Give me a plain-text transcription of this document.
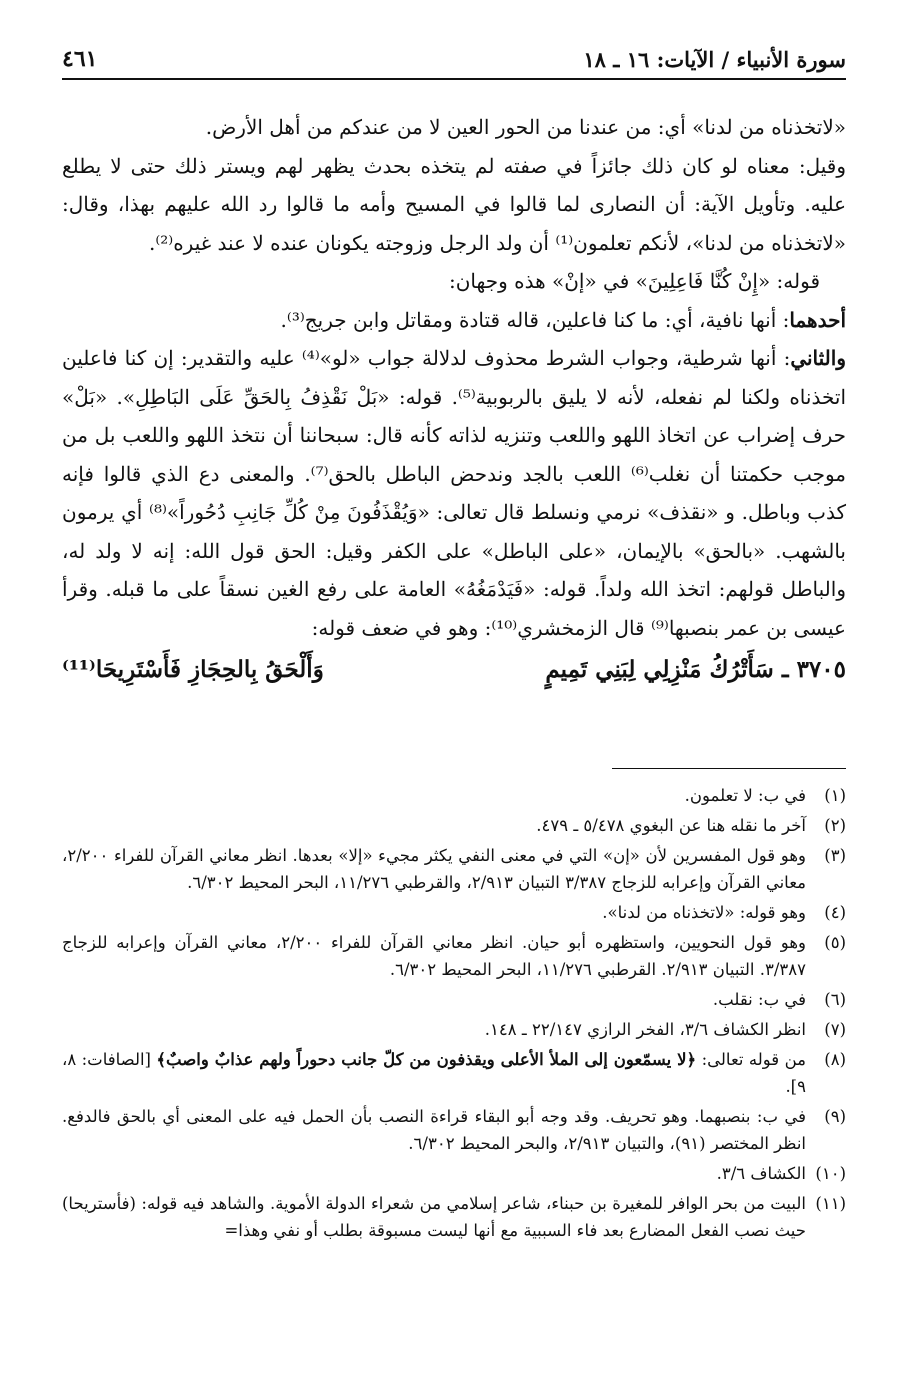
سورة الأنبياء / الآيات: ١٦ ـ ١٨
٤٦١

«لاتخذناه من لدنا» أي: من عندنا من الحور العين لا من عندكم من أهل الأرض.

وقيل: معناه لو كان ذلك جائزاً في صفته لم يتخذه بحدث يظهر لهم ويستر ذلك حتى لا يطلع عليه. وتأويل الآية: أن النصارى لما قالوا في المسيح وأمه ما قالوا رد الله عليهم بهذا، وقال: «لاتخذناه من لدنا»، لأنكم تعلمون⁽¹⁾ أن ولد الرجل وزوجته يكونان عنده لا عند غيره⁽²⁾.

قوله: «إِنْ كُنَّا فَاعِلِينَ» في «إنْ» هذه وجهان:

أحدهما: أنها نافية، أي: ما كنا فاعلين، قاله قتادة ومقاتل وابن جريج⁽³⁾.

والثاني: أنها شرطية، وجواب الشرط محذوف لدلالة جواب «لو»⁽⁴⁾ عليه والتقدير: إن كنا فاعلين اتخذناه ولكنا لم نفعله، لأنه لا يليق بالربوبية⁽⁵⁾. قوله: «بَلْ نَقْذِفُ بِالحَقِّ عَلَى البَاطِلِ». «بَلْ» حرف إضراب عن اتخاذ اللهو واللعب وتنزيه لذاته كأنه قال: سبحاننا أن نتخذ اللهو واللعب بل من موجب حكمتنا أن نغلب⁽⁶⁾ اللعب بالجد وندحض الباطل بالحق⁽⁷⁾. والمعنى دع الذي قالوا فإنه كذب وباطل. و «نقذف» نرمي ونسلط قال تعالى: «وَيُقْذَفُونَ مِنْ كُلِّ جَانِبِ دُحُوراً»⁽⁸⁾ أي يرمون بالشهب. «بالحق» بالإيمان، «على الباطل» على الكفر وقيل: الحق قول الله: إنه لا ولد له، والباطل قولهم: اتخذ الله ولداً. قوله: «فَيَدْمَغُهُ» العامة على رفع الغين نسقاً على ما قبله. وقرأ عيسى بن عمر بنصبها⁽⁹⁾ قال الزمخشري⁽¹⁰⁾: وهو في ضعف قوله:

٣٧٠٥ ـ سَأَتْرُكُ مَنْزِلِي لِبَنِي تَمِيمٍ
وَأَلْحَقُ بِالحِجَازِ فَأَسْتَرِيحَا⁽¹¹⁾

(١)في ب: لا تعلمون.

(٢)آخر ما نقله هنا عن البغوي ٥/٤٧٨ ـ ٤٧٩.

(٣)وهو قول المفسرين لأن «إن» التي في معنى النفي يكثر مجيء «إلا» بعدها. انظر معاني القرآن للفراء ٢/٢٠٠، معاني القرآن وإعرابه للزجاج ٣/٣٨٧ التبيان ٢/٩١٣، والقرطبي ١١/٢٧٦، البحر المحيط ٦/٣٠٢.

(٤)وهو قوله: «لاتخذناه من لدنا».

(٥)وهو قول النحويين، واستظهره أبو حيان. انظر معاني القرآن للفراء ٢/٢٠٠، معاني القرآن وإعرابه للزجاج ٣/٣٨٧. التبيان ٢/٩١٣. القرطبي ١١/٢٧٦، البحر المحيط ٦/٣٠٢.

(٦)في ب: نقلب.

(٧)انظر الكشاف ٣/٦، الفخر الرازي ٢٢/١٤٧ ـ ١٤٨.

(٨)من قوله تعالى: ﴿لا يسمّعون إلى الملأ الأعلى ويقذفون من كلّ جانب دحوراً ولهم عذابٌ واصبٌ﴾ [الصافات: ٨، ٩].

(٩)في ب: بنصبهما. وهو تحريف. وقد وجه أبو البقاء قراءة النصب بأن الحمل فيه على المعنى أي بالحق فالدفع. انظر المختصر (٩١)، والتبيان ٢/٩١٣، والبحر المحيط ٦/٣٠٢.

(١٠)الكشاف ٣/٦.

(١١)البيت من بحر الوافر للمغيرة بن حبناء، شاعر إسلامي من شعراء الدولة الأموية. والشاهد فيه قوله: (فأستريحا) حيث نصب الفعل المضارع بعد فاء السببية مع أنها ليست مسبوقة بطلب أو نفي وهذا=
